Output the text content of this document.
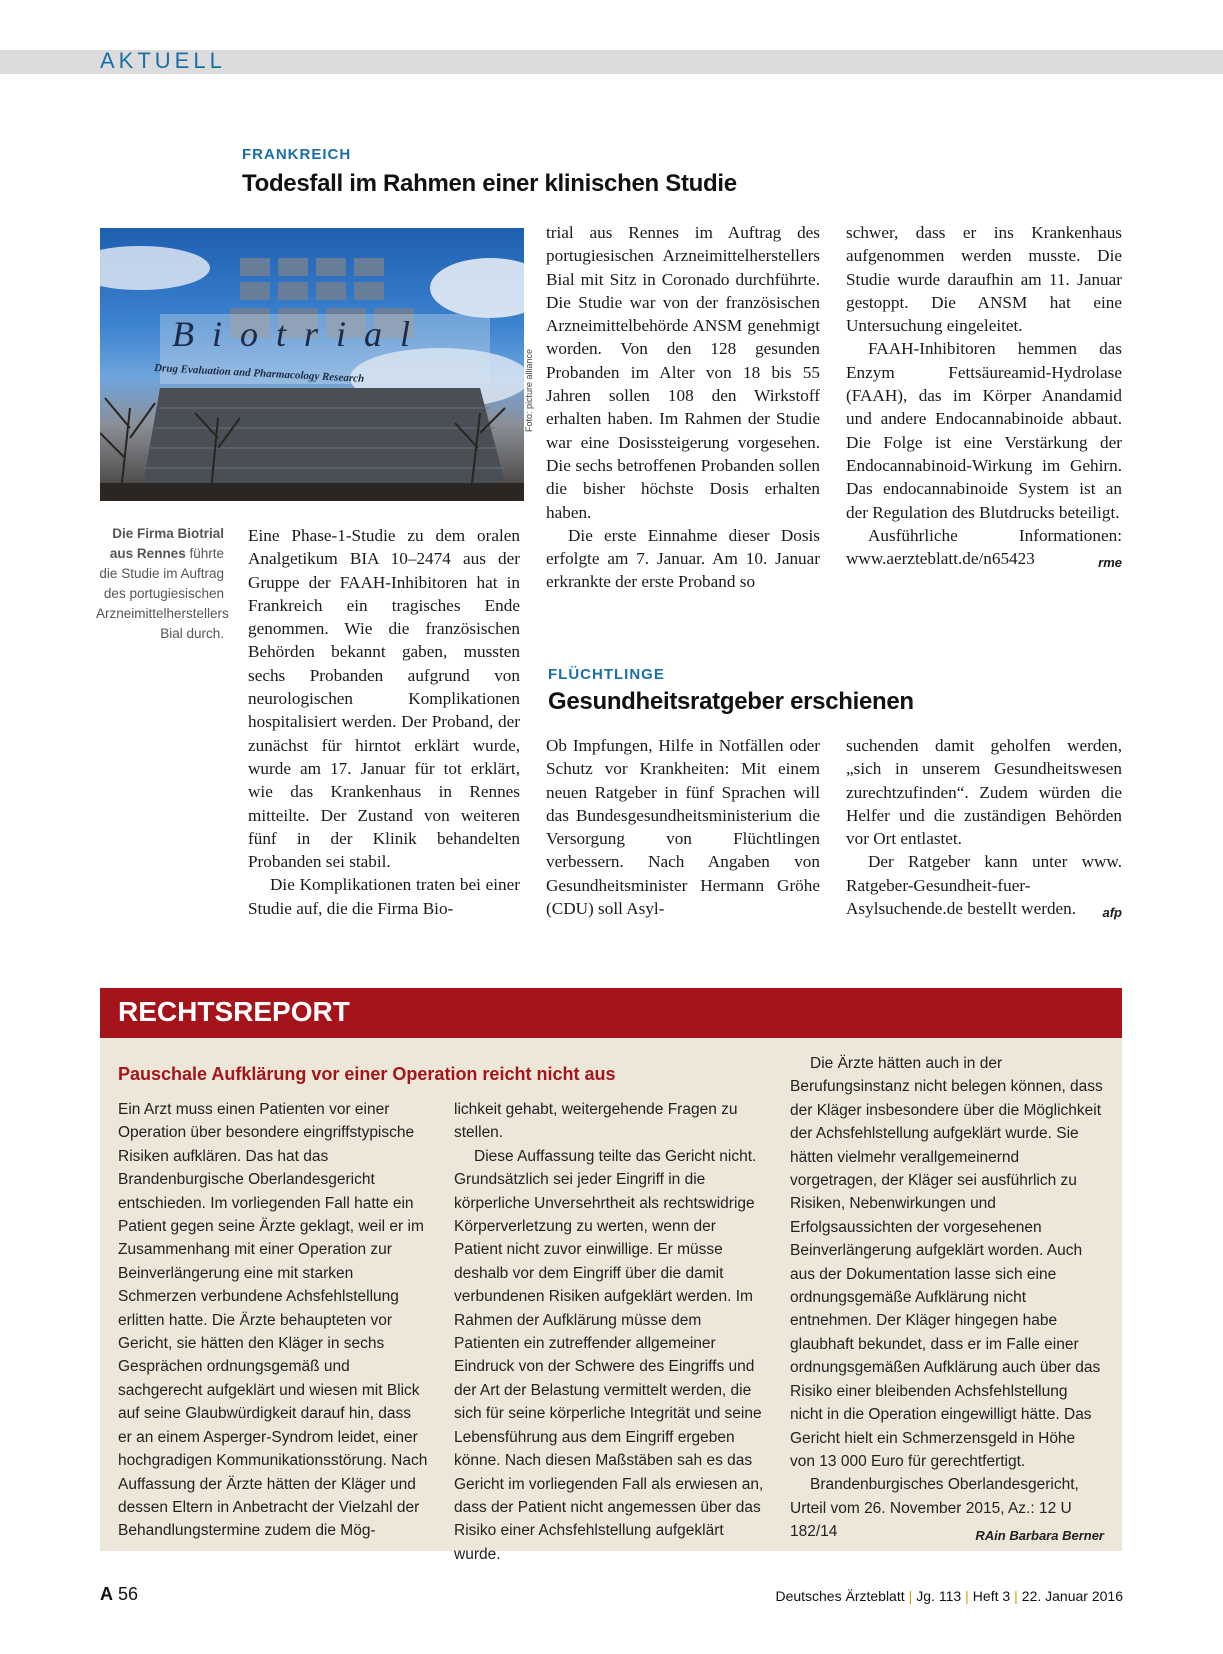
AKTUELL
FRANKREICH
Todesfall im Rahmen einer klinischen Studie
Biotrial
Drug Evaluation and Pharmacology Research	Foto: picture alliance
Die Firma Biotrial aus Rennes führte die Studie im Auftrag des portugiesischen Arzneimittelherstellers Bial durch.

Eine Phase-1-Studie zu dem oralen Analgetikum BIA 10–2474 aus der Gruppe der FAAH-Inhibitoren hat in Frankreich ein tragisches Ende genommen. Wie die französischen Behörden bekannt gaben, mussten sechs Probanden aufgrund von neurologischen Komplikationen hospitalisiert werden. Der Proband, der zunächst für hirntot erklärt wurde, wurde am 17. Januar für tot erklärt, wie das Krankenhaus in Rennes mitteilte. Der Zustand von weiteren fünf in der Klinik behandelten Probanden sei stabil.

Die Komplikationen traten bei einer Studie auf, die die Firma Bio-

trial aus Rennes im Auftrag des portugiesischen Arzneimittelherstellers Bial mit Sitz in Coronado durchführte. Die Studie war von der französischen Arzneimittelbehörde ANSM genehmigt worden. Von den 128 gesunden Probanden im Alter von 18 bis 55 Jahren sollen 108 den Wirkstoff erhalten haben. Im Rahmen der Studie war eine Dosissteigerung vorgesehen. Die sechs betroffenen Probanden sollen die bisher höchste Dosis erhalten haben.

Die erste Einnahme dieser Dosis erfolgte am 7. Januar. Am 10. Januar erkrankte der erste Proband so

schwer, dass er ins Krankenhaus aufgenommen werden musste. Die Studie wurde daraufhin am 11. Januar gestoppt. Die ANSM hat eine Untersuchung eingeleitet.

FAAH-Inhibitoren hemmen das Enzym Fettsäureamid-Hydrolase (FAAH), das im Körper Anandamid und andere Endocannabinoide abbaut. Die Folge ist eine Verstärkung der Endocannabinoid-Wirkung im Gehirn. Das endocannabinoide System ist an der Regulation des Blutdrucks beteiligt.

Ausführliche Informationen: www.aerzteblatt.de/n65423	rme

FLÜCHTLINGE
Gesundheitsratgeber erschienen

Ob Impfungen, Hilfe in Notfällen oder Schutz vor Krankheiten: Mit einem neuen Ratgeber in fünf Sprachen will das Bundesgesundheitsministerium die Versorgung von Flüchtlingen verbessern. Nach Angaben von Gesundheitsminister Hermann Gröhe (CDU) soll Asyl-

suchenden damit geholfen werden, „sich in unserem Gesundheitswesen zurechtzufinden“. Zudem würden die Helfer und die zuständigen Behörden vor Ort entlastet.

Der Ratgeber kann unter www. Ratgeber-Gesundheit-fuer-Asylsuchende.de bestellt werden.	afp

RECHTSREPORT
Pauschale Aufklärung vor einer Operation reicht nicht aus

Ein Arzt muss einen Patienten vor einer Operation über besondere eingriffstypische Risiken aufklären. Das hat das Brandenburgische Oberlandesgericht entschieden. Im vorliegenden Fall hatte ein Patient gegen seine Ärzte geklagt, weil er im Zusammenhang mit einer Operation zur Beinverlängerung eine mit starken Schmerzen verbundene Achsfehlstellung erlitten hatte. Die Ärzte behaupteten vor Gericht, sie hätten den Kläger in sechs Gesprächen ordnungsgemäß und sachgerecht aufgeklärt und wiesen mit Blick auf seine Glaubwürdigkeit darauf hin, dass er an einem Asperger-Syndrom leidet, einer hochgradigen Kommunikationsstörung. Nach Auffassung der Ärzte hätten der Kläger und dessen Eltern in Anbetracht der Vielzahl der Behandlungstermine zudem die Mög-

lichkeit gehabt, weitergehende Fragen zu stellen.

Diese Auffassung teilte das Gericht nicht. Grundsätzlich sei jeder Eingriff in die körperliche Unversehrtheit als rechtswidrige Körperverletzung zu werten, wenn der Patient nicht zuvor einwillige. Er müsse deshalb vor dem Eingriff über die damit verbundenen Risiken aufgeklärt werden. Im Rahmen der Aufklärung müsse dem Patienten ein zutreffender allgemeiner Eindruck von der Schwere des Eingriffs und der Art der Belastung vermittelt werden, die sich für seine körperliche Integrität und seine Lebensführung aus dem Eingriff ergeben könne. Nach diesen Maßstäben sah es das Gericht im vorliegenden Fall als erwiesen an, dass der Patient nicht angemessen über das Risiko einer Achsfehlstellung aufgeklärt wurde.

Die Ärzte hätten auch in der Berufungsinstanz nicht belegen können, dass der Kläger insbesondere über die Möglichkeit der Achsfehlstellung aufgeklärt wurde. Sie hätten vielmehr verallgemeinernd vorgetragen, der Kläger sei ausführlich zu Risiken, Nebenwirkungen und Erfolgsaussichten der vorgesehenen Beinverlängerung aufgeklärt worden. Auch aus der Dokumentation lasse sich eine ordnungsgemäße Aufklärung nicht entnehmen. Der Kläger hingegen habe glaubhaft bekundet, dass er im Falle einer ordnungsgemäßen Aufklärung auch über das Risiko einer bleibenden Achsfehlstellung nicht in die Operation eingewilligt hätte. Das Gericht hielt ein Schmerzensgeld in Höhe von 13 000 Euro für gerechtfertigt.

Brandenburgisches Oberlandesgericht, Urteil vom 26. November 2015, Az.: 12 U 182/14	RAin Barbara Berner

A 56	Deutsches Ärzteblatt | Jg. 113 | Heft 3 | 22. Januar 2016
